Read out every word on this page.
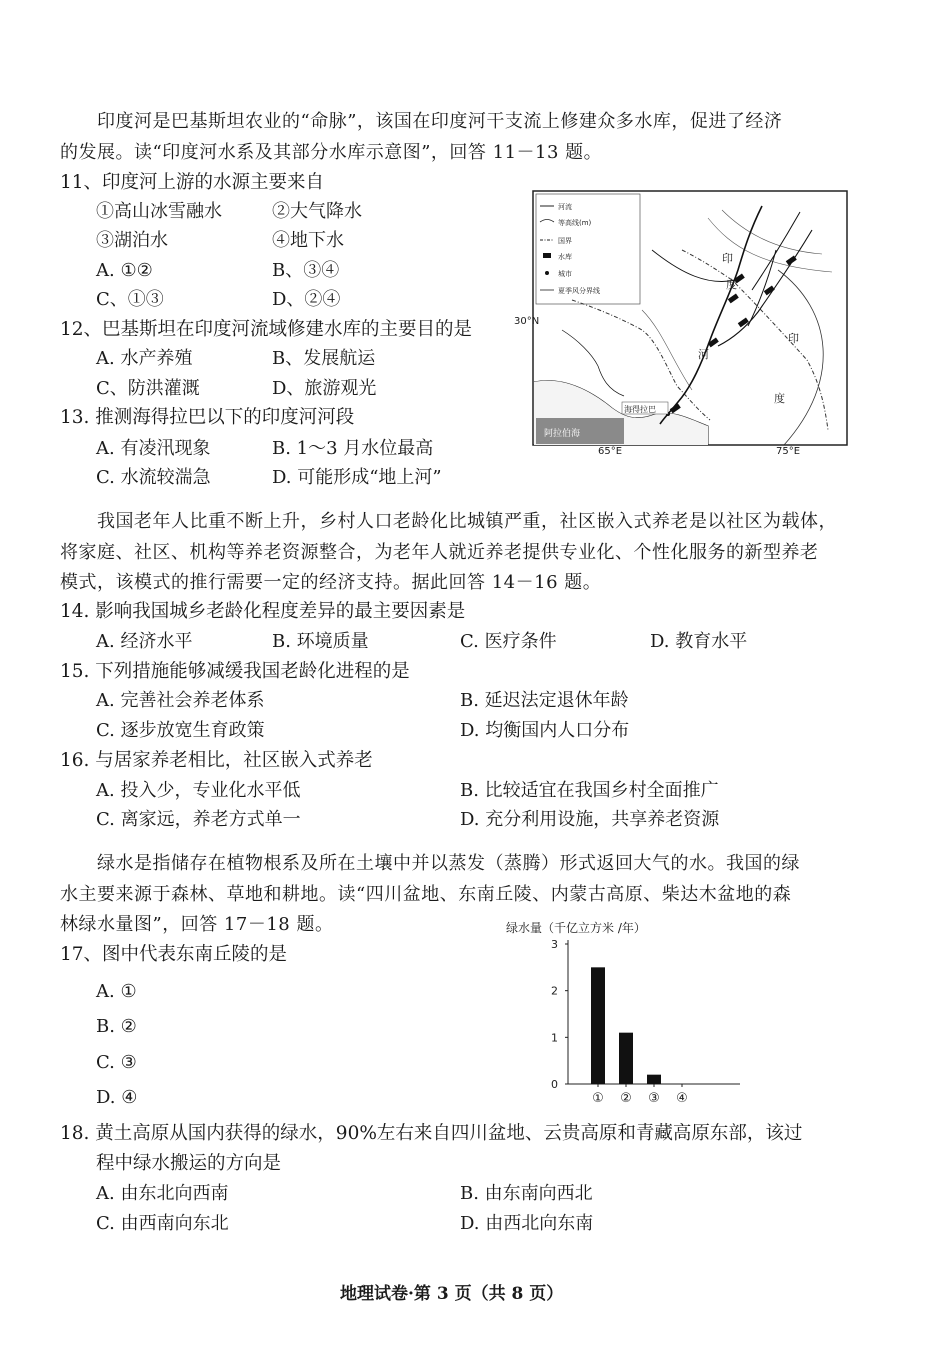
印度河是巴基斯坦农业的“命脉”，该国在印度河干支流上修建众多水库，促进了经济
的发展。读“印度河水系及其部分水库示意图”，回答 11－13 题。
11、印度河上游的水源主要来自
①高山冰雪融水	②大气降水
③湖泊水	④地下水
A. ①②	B、③④
C、①③	D、②④
12、巴基斯坦在印度河流域修建水库的主要目的是
A. 水产养殖	B、发展航运
C、防洪灌溉	D、旅游观光
13. 推测海得拉巴以下的印度河河段
A. 有凌汛现象	B. 1～3 月水位最高
C. 水流较湍急	D. 可能形成“地上河”
河流
等高线(m)
国界
水库
城市
夏季风分界线
阿拉伯海
海得拉巴
印
度
河
印
度
30°N
65°E	75°E
我国老年人比重不断上升，乡村人口老龄化比城镇严重，社区嵌入式养老是以社区为载体，
将家庭、社区、机构等养老资源整合，为老年人就近养老提供专业化、个性化服务的新型养老
模式，该模式的推行需要一定的经济支持。据此回答 14－16 题。
14. 影响我国城乡老龄化程度差异的最主要因素是
A. 经济水平	B. 环境质量	C. 医疗条件	D. 教育水平
15. 下列措施能够减缓我国老龄化进程的是
A. 完善社会养老体系	B. 延迟法定退休年龄
C. 逐步放宽生育政策	D. 均衡国内人口分布
16. 与居家养老相比，社区嵌入式养老
A. 投入少，专业化水平低	B. 比较适宜在我国乡村全面推广
C. 离家远，养老方式单一	D. 充分利用设施，共享养老资源
绿水是指储存在植物根系及所在土壤中并以蒸发（蒸腾）形式返回大气的水。我国的绿
水主要来源于森林、草地和耕地。读“四川盆地、东南丘陵、内蒙古高原、柴达木盆地的森
林绿水量图”，回答 17－18 题。
17、图中代表东南丘陵的是
A. ①
B. ②
C. ③
D. ④
绿水量（千亿立方米 /年）
0
1
2
3
① ② ③ ④
18. 黄土高原从国内获得的绿水，90%左右来自四川盆地、云贵高原和青藏高原东部，该过
程中绿水搬运的方向是
A. 由东北向西南	B. 由东南向西北
C. 由西南向东北	D. 由西北向东南
地理试卷·第 3 页（共 8 页）
